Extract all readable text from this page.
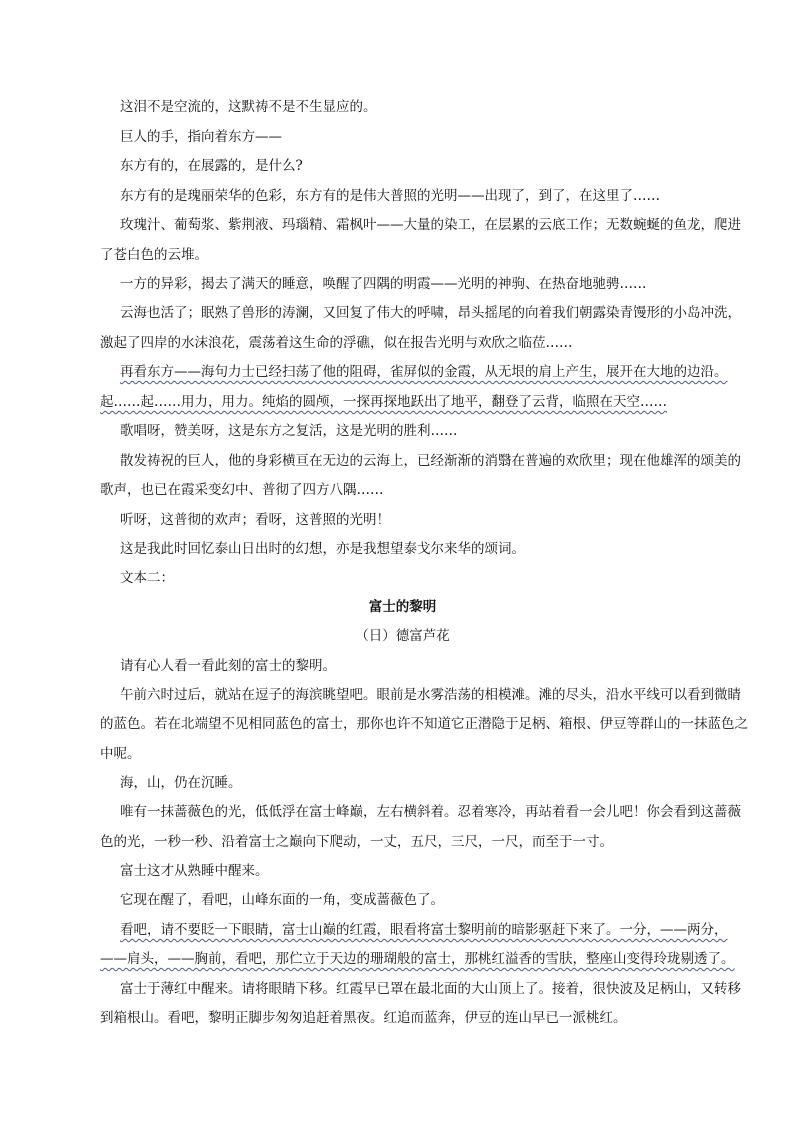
这泪不是空流的，这默祷不是不生显应的。
巨人的手，指向着东方——
东方有的，在展露的，是什么?
东方有的是瑰丽荣华的色彩，东方有的是伟大普照的光明——出现了，到了，在这里了……
玫瑰汁、葡萄浆、紫荆液、玛瑙精、霜枫叶——大量的染工，在层累的云底工作；无数蜿蜒的鱼龙，爬进
了苍白色的云堆。
一方的异彩，揭去了满天的睡意，唤醒了四隅的明霞——光明的神驹、在热奋地驰骋……
云海也活了；眠熟了兽形的涛澜，又回复了伟大的呼啸，昂头摇尾的向着我们朝露染青馒形的小岛冲洗，
激起了四岸的水沫浪花，震荡着这生命的浮礁，似在报告光明与欢欣之临莅……
再看东方——海句力士已经扫荡了他的阻碍，雀屏似的金霞，从无垠的肩上产生，展开在大地的边沿。
起……起……用力，用力。纯焰的圆颅，一探再探地跃出了地平，翻登了云背，临照在天空……
歌唱呀，赞美呀，这是东方之复活，这是光明的胜利……
散发祷祝的巨人，他的身彩横亘在无边的云海上，已经渐渐的消翳在普遍的欢欣里；现在他雄浑的颂美的
歌声，也已在霞采变幻中、普彻了四方八隅……
听呀，这普彻的欢声；看呀，这普照的光明！
这是我此时回忆泰山日出时的幻想，亦是我想望泰戈尔来华的颂词。
文本二：
富士的黎明
（日）德富芦花
请有心人看一看此刻的富士的黎明。
午前六时过后，就站在逗子的海滨眺望吧。眼前是水雾浩荡的相模滩。滩的尽头，沿水平线可以看到微睛
的蓝色。若在北端望不见相同蓝色的富士，那你也许不知道它正潜隐于足柄、箱根、伊豆等群山的一抹蓝色之
中呢。
海，山，仍在沉睡。
唯有一抹蔷薇色的光，低低浮在富士峰巅，左右横斜着。忍着寒冷，再站着看一会儿吧！你会看到这蔷薇
色的光，一秒一秒、沿着富士之巅向下爬动，一丈，五尺，三尺，一尺，而至于一寸。
富士这才从熟睡中醒来。
它现在醒了，看吧，山峰东面的一角，变成蔷薇色了。
看吧，请不要眨一下眼睛，富士山巅的红霞，眼看将富士黎明前的暗影驱赶下来了。一分，——两分，
——肩头，——胸前，看吧，那伫立于天边的珊瑚般的富士，那桃红溢香的雪肤，整座山变得玲珑剔透了。
富士于薄红中醒来。请将眼睛下移。红霞早已罩在最北面的大山顶上了。接着，很快波及足柄山，又转移
到箱根山。看吧，黎明正脚步匆匆追赶着黑夜。红追而蓝奔，伊豆的连山早已一派桃红。
